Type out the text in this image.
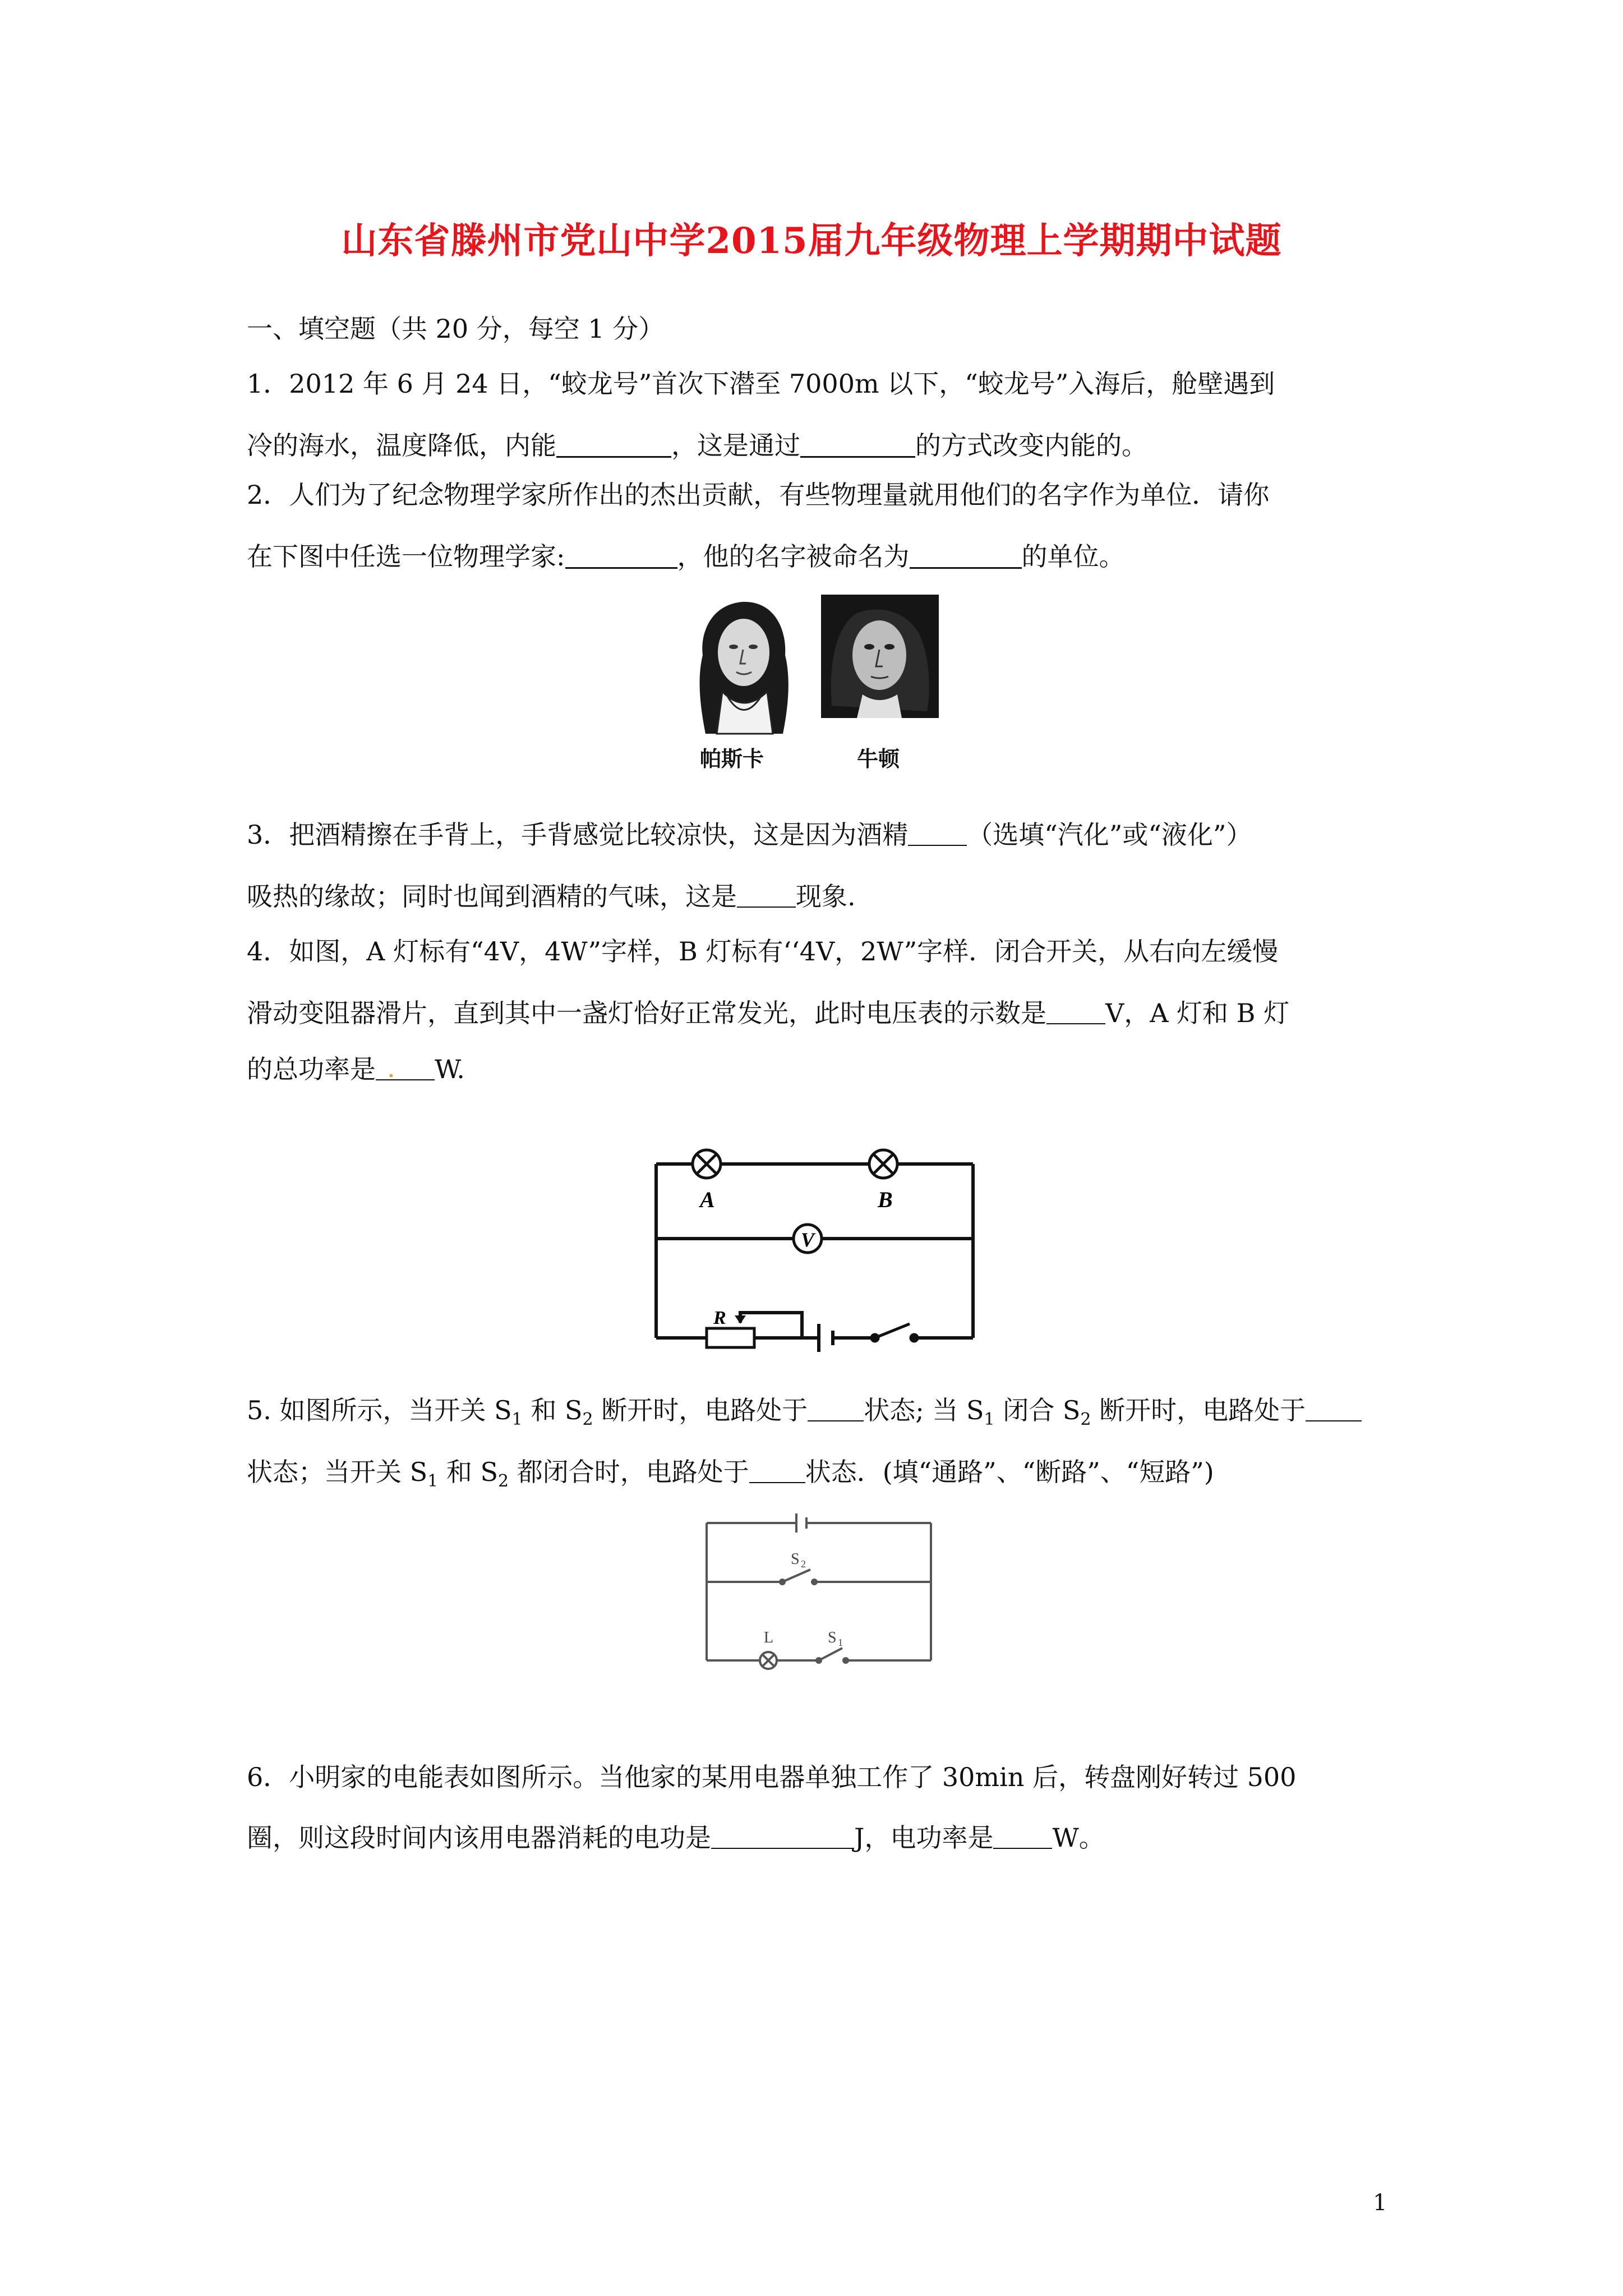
山东省滕州市党山中学2015届九年级物理上学期期中试题
一、填空题（共 20 分，每空 1 分）
1．2012 年 6 月 24 日，“蛟龙号”首次下潜至 7000m 以下，“蛟龙号”入海后，舱壁遇到
冷的海水，温度降低，内能	，这是通过	的方式改变内能的。
2．人们为了纪念物理学家所作出的杰出贡献，有些物理量就用他们的名字作为单位．请你
在下图中任选一位物理学家:	，他的名字被命名为	的单位。
帕斯卡	牛顿
3．把酒精擦在手背上，手背感觉比较凉快，这是因为酒精 （选填“汽化”或“液化”）
吸热的缘故；同时也闻到酒精的气味，这是 现象.
4．如图，A 灯标有“4V，4W”字样，B 灯标有‘‘4V，2W”字样．闭合开关，从右向左缓慢
滑动变阻器滑片，直到其中一盏灯恰好正常发光，此时电压表的示数是 V，A 灯和 B 灯
的总功率是 . W.
V
R
A	B
5. 如图所示，当开关 $S_1$ 和 $S_2$ 断开时，电路处于 状态; 当 $S_1$ 闭合 $S_2$ 断开时，电路处于
状态；当开关 $S_1$ 和 $S_2$ 都闭合时，电路处于 状态．(填“通路”、“断路”、“短路”)
S 2
S 1
L
6．小明家的电能表如图所示。当他家的某用电器单独工作了 30min 后，转盘刚好转过 500
圈，则这段时间内该用电器消耗的电功是	J，电功率是 W。
1
